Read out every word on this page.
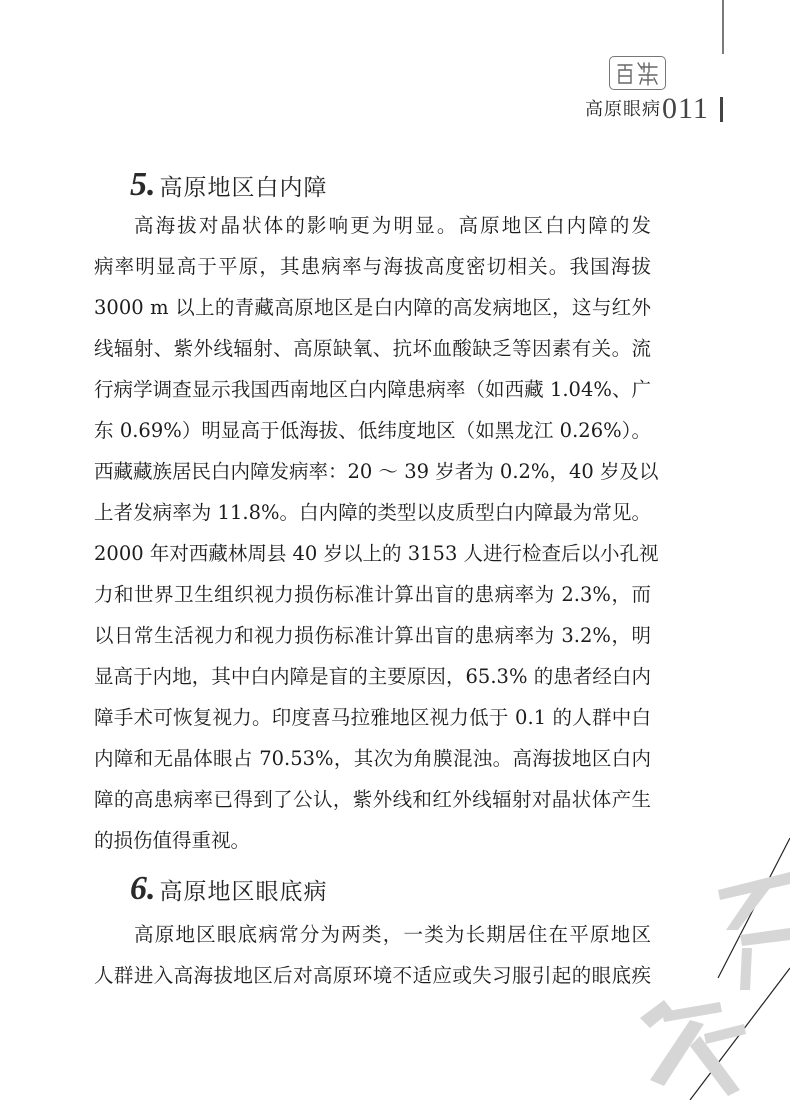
高原眼病 011
5. 高原地区白内障
高海拔对晶状体的影响更为明显。高原地区白内障的发
病率明显高于平原，其患病率与海拔高度密切相关。我国海拔
3000 m 以上的青藏高原地区是白内障的高发病地区，这与红外
线辐射、紫外线辐射、高原缺氧、抗坏血酸缺乏等因素有关。流
行病学调查显示我国西南地区白内障患病率（如西藏 1.04%、广
东 0.69%）明显高于低海拔、低纬度地区（如黑龙江 0.26%）。
西藏藏族居民白内障发病率：20 ～ 39 岁者为 0.2%，40 岁及以
上者发病率为 11.8%。白内障的类型以皮质型白内障最为常见。
2000 年对西藏林周县 40 岁以上的 3153 人进行检查后以小孔视
力和世界卫生组织视力损伤标准计算出盲的患病率为 2.3%，而
以日常生活视力和视力损伤标准计算出盲的患病率为 3.2%，明
显高于内地，其中白内障是盲的主要原因，65.3% 的患者经白内
障手术可恢复视力。印度喜马拉雅地区视力低于 0.1 的人群中白
内障和无晶体眼占 70.53%，其次为角膜混浊。高海拔地区白内
障的高患病率已得到了公认，紫外线和红外线辐射对晶状体产生
的损伤值得重视。
6. 高原地区眼底病
高原地区眼底病常分为两类，一类为长期居住在平原地区
人群进入高海拔地区后对高原环境不适应或失习服引起的眼底疾
